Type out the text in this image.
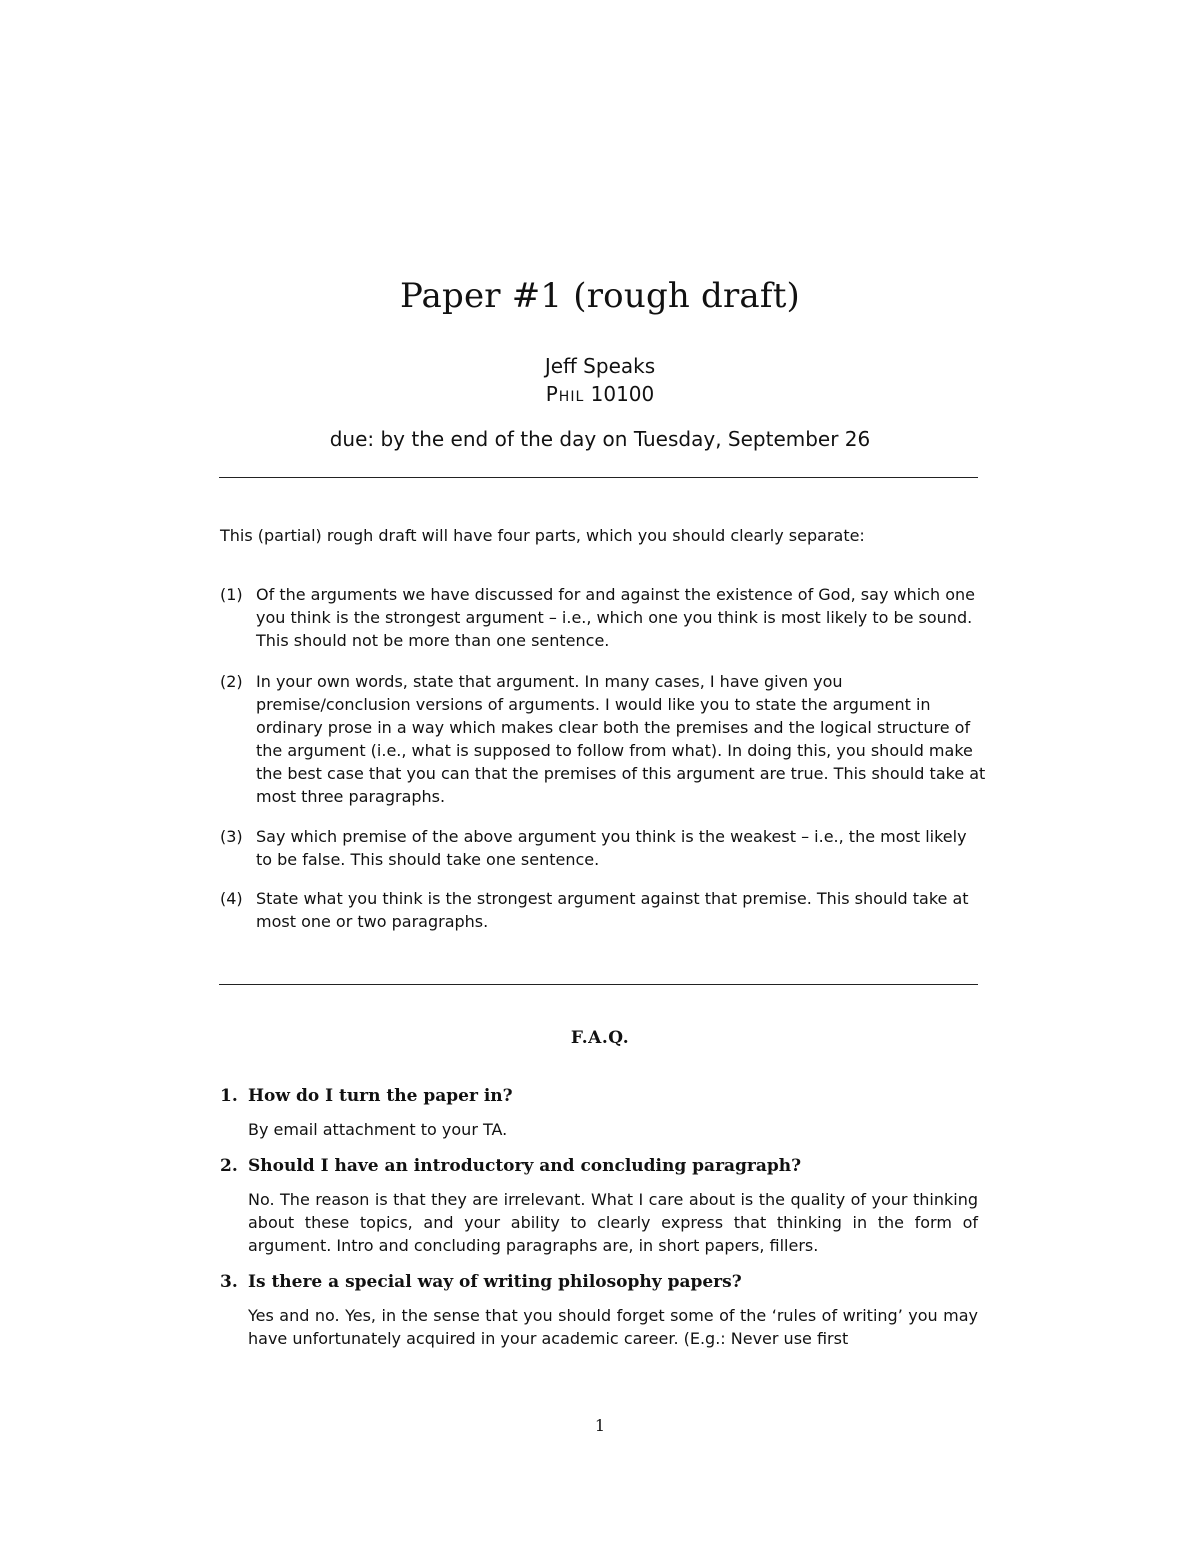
Paper #1 (rough draft)
Jeff Speaks
Phil 10100
due: by the end of the day on Tuesday, September 26
This (partial) rough draft will have four parts, which you should clearly separate:
(1) Of the arguments we have discussed for and against the existence of God, say which one you think is the strongest argument – i.e., which one you think is most likely to be sound. This should not be more than one sentence.
(2) In your own words, state that argument. In many cases, I have given you premise/conclusion versions of arguments. I would like you to state the argument in ordinary prose in a way which makes clear both the premises and the logical structure of the argument (i.e., what is supposed to follow from what). In doing this, you should make the best case that you can that the premises of this argument are true. This should take at most three paragraphs.
(3) Say which premise of the above argument you think is the weakest – i.e., the most likely to be false. This should take one sentence.
(4) State what you think is the strongest argument against that premise. This should take at most one or two paragraphs.
F.A.Q.
1. How do I turn the paper in?

By email attachment to your TA.

2. Should I have an introductory and concluding paragraph?

No. The reason is that they are irrelevant. What I care about is the quality of your thinking about these topics, and your ability to clearly express that thinking in the form of argument. Intro and concluding paragraphs are, in short papers, fillers.

3. Is there a special way of writing philosophy papers?

Yes and no. Yes, in the sense that you should forget some of the ‘rules of writing’ you may have unfortunately acquired in your academic career. (E.g.: Never use first

1
